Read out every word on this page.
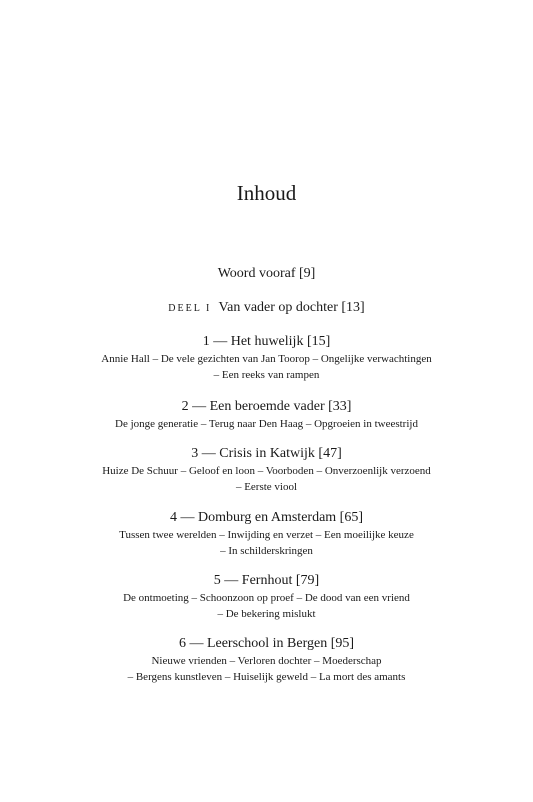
Inhoud
Woord vooraf [9]
DEEL I Van vader op dochter [13]
1 — Het huwelijk [15]
Annie Hall – De vele gezichten van Jan Toorop – Ongelijke verwachtingen
– Een reeks van rampen
2 — Een beroemde vader [33]
De jonge generatie – Terug naar Den Haag – Opgroeien in tweestrijd
3 — Crisis in Katwijk [47]
Huize De Schuur – Geloof en loon – Voorboden – Onverzoenlijk verzoend
– Eerste viool
4 — Domburg en Amsterdam [65]
Tussen twee werelden – Inwijding en verzet – Een moeilijke keuze
– In schilderskringen
5 — Fernhout [79]
De ontmoeting – Schoonzoon op proef – De dood van een vriend
– De bekering mislukt
6 — Leerschool in Bergen [95]
Nieuwe vrienden – Verloren dochter – Moederschap
– Bergens kunstleven – Huiselijk geweld – La mort des amants
